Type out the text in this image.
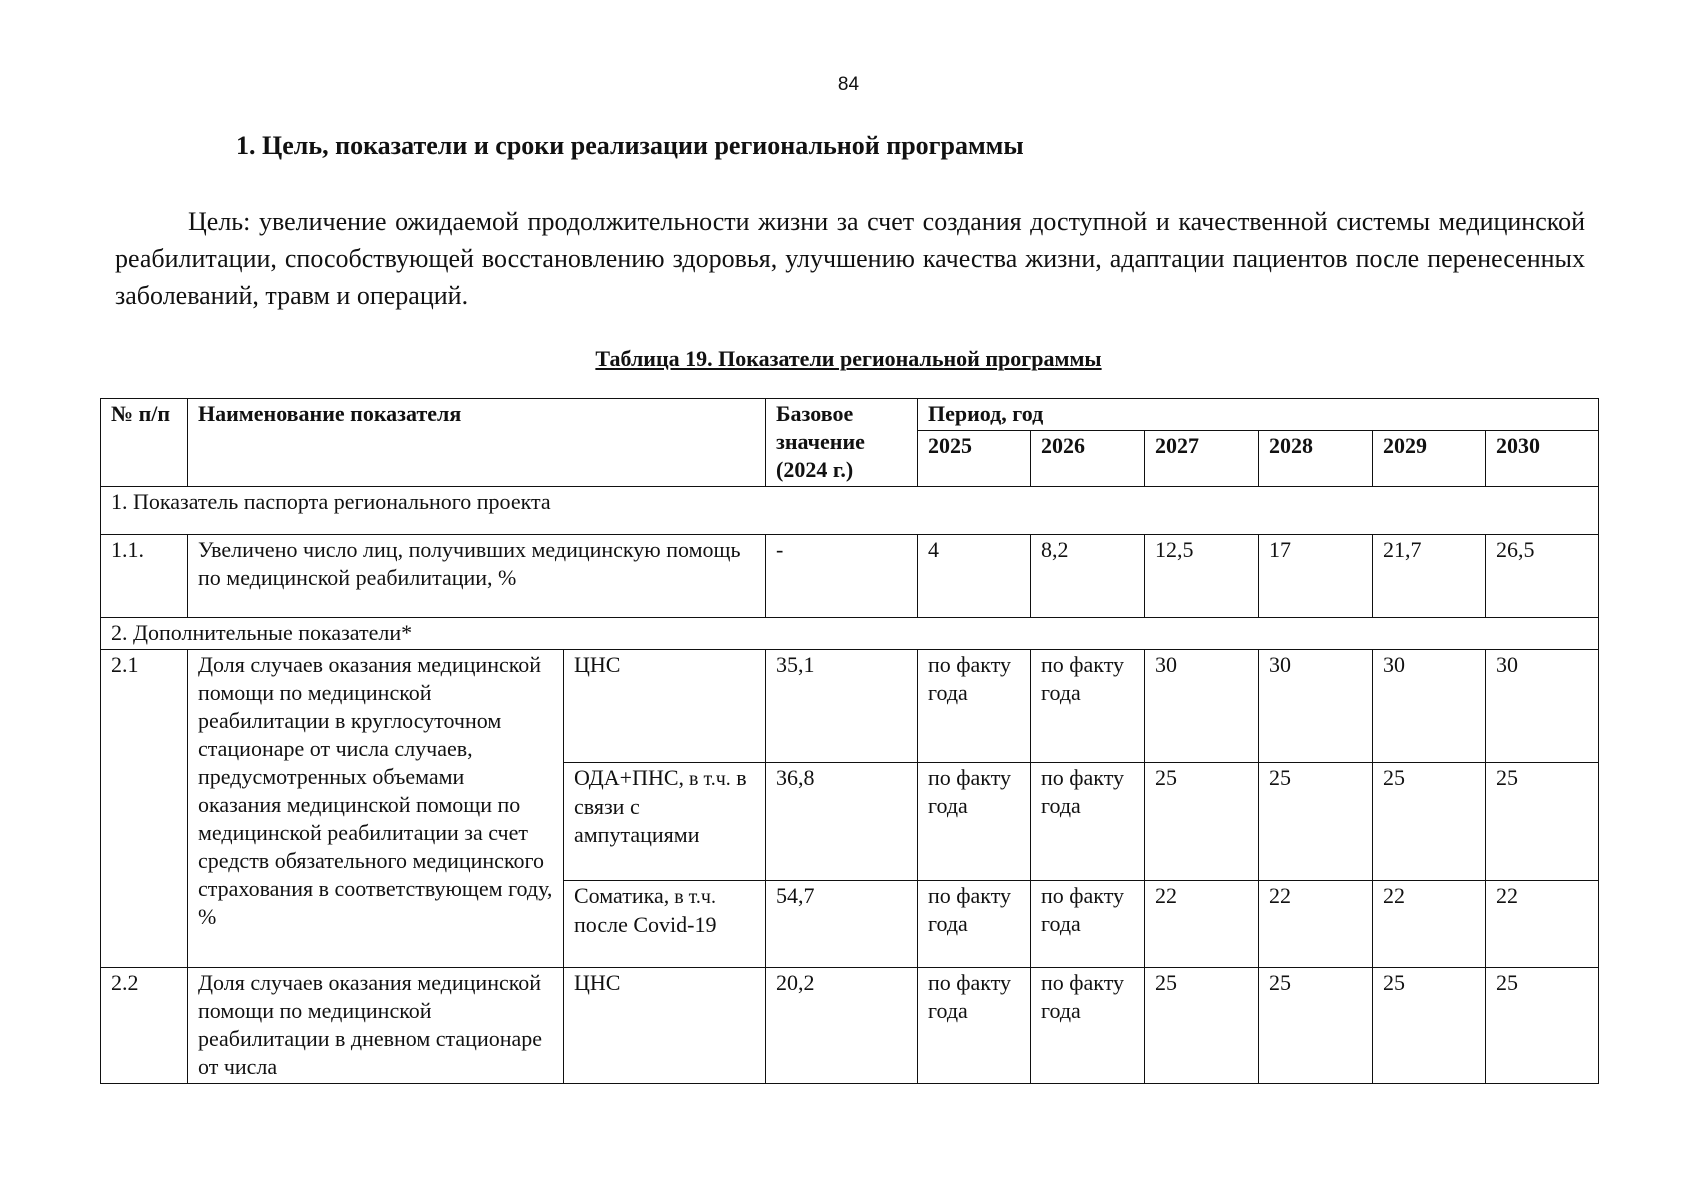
84
1. Цель, показатели и сроки реализации региональной программы

Цель: увеличение ожидаемой продолжительности жизни за счет создания доступной и качественной системы медицинской реабилитации, способствующей восстановлению здоровья, улучшению качества жизни, адаптации пациентов после перенесенных заболеваний, травм и операций.

Таблица 19. Показатели региональной программы
№ п/п	Наименование показателя		Базовое значение (2024 г.)	Период, год					
				2025	2026	2027	2028	2029	2030
1. Показатель паспорта регионального проекта									
1.1.	Увеличено число лиц, получивших медицинскую помощь по медицинской реабилитации, %		-	4	8,2	12,5	17	21,7	26,5
2. Дополнительные показатели*									
2.1	Доля случаев оказания медицинской помощи по медицинской реабилитации в круглосуточном стационаре от числа случаев, предусмотренных объемами оказания медицинской помощи по медицинской реабилитации за счет средств обязательного медицинского страхования в соответствующем году, %	ЦНС	35,1	по факту года	по факту года	30	30	30	30
		ОДА+ПНС, в т.ч. в связи с ампутациями	36,8	по факту года	по факту года	25	25	25	25
		Соматика, в т.ч. после Covid-19	54,7	по факту года	по факту года	22	22	22	22
2.2	Доля случаев оказания медицинской помощи по медицинской реабилитации в дневном стационаре от числа	ЦНС	20,2	по факту года	по факту года	25	25	25	25
